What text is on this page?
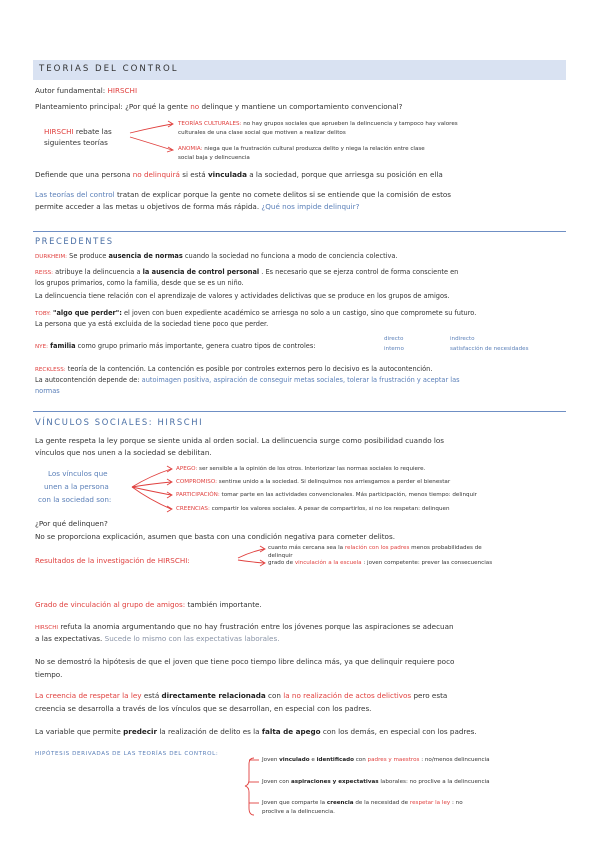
TEORIAS DEL CONTROL
Autor fundamental: HIRSCHI
Planteamiento principal: ¿Por qué la gente no delinque y mantiene un comportamiento convencional?
HIRSCHI rebate las
siguientes teorías
TEORÍAS CULTURALES: no hay grupos sociales que aprueben la delincuencia y tampoco hay valores
culturales de una clase social que motiven a realizar delitos
ANOMIA: niega que la frustración cultural produzca delito y niega la relación entre clase
social baja y delincuencia
Defiende que una persona no delinquirá si está vinculada a la sociedad, porque que arriesga su posición en ella
Las teorías del control tratan de explicar porque la gente no comete delitos si se entiende que la comisión de estos
permite acceder a las metas u objetivos de forma más rápida. ¿Qué nos impide delinquir?
PRECEDENTES
DURKHEIM: Se produce ausencia de normas cuando la sociedad no funciona a modo de conciencia colectiva.
REISS: atribuye la delincuencia a la ausencia de control personal . Es necesario que se ejerza control de forma consciente en
los grupos primarios, como la familia, desde que se es un niño.
La delincuencia tiene relación con el aprendizaje de valores y actividades delictivas que se produce en los grupos de amigos.
TOBY: "algo que perder": el joven con buen expediente académico se arriesga no solo a un castigo, sino que compromete su futuro.
La persona que ya está excluida de la sociedad tiene poco que perder.
NYE: familia como grupo primario más importante, genera cuatro tipos de controles:
directo	indirecto
interno	satisfacción de necesidades
RECKLESS: teoría de la contención. La contención es posible por controles externos pero lo decisivo es la autocontención.
La autocontención depende de: autoimagen positiva, aspiración de conseguir metas sociales, tolerar la frustración y aceptar las
normas
VÍNCULOS SOCIALES: HIRSCHI
La gente respeta la ley porque se siente unida al orden social. La delincuencia surge como posibilidad cuando los
vínculos que nos unen a la sociedad se debilitan.
Los vínculos que
unen a la persona
con la sociedad son:
APEGO: ser sensible a la opinión de los otros. Interiorizar las normas sociales lo requiere.
COMPROMISO: sentirse unido a la sociedad. Si delinquimos nos arriesgamos a perder el bienestar
PARTICIPACIÓN: tomar parte en las actividades convencionales. Más participación, menos tiempo: delinquir
CREENCIAS: compartir los valores sociales. A pesar de compartirlos, si no los respetan: delinquen
¿Por qué delinquen?
No se proporciona explicación, asumen que basta con una condición negativa para cometer delitos.
Resultados de la investigación de HIRSCHI:
cuanto más cercana sea la relación con los padres menos probabilidades de
delinquir
grado de vinculación a la escuela : joven competente: prever las consecuencias
Grado de vinculación al grupo de amigos: también importante.
HIRSCHI refuta la anomia argumentando que no hay frustración entre los jóvenes porque las aspiraciones se adecuan
a las expectativas. Sucede lo mismo con las expectativas laborales.
No se demostró la hipótesis de que el joven que tiene poco tiempo libre delinca más, ya que delinquir requiere poco
tiempo.
La creencia de respetar la ley está directamente relacionada con la no realización de actos delictivos pero esta
creencia se desarrolla a través de los vínculos que se desarrollan, en especial con los padres.
La variable que permite predecir la realización de delito es la falta de apego con los demás, en especial con los padres.
HIPÓTESIS DERIVADAS DE LAS TEORÍAS DEL CONTROL:
Joven vinculado e identificado con padres y maestros : no/menos delincuencia
Joven con aspiraciones y expectativas laborales: no proclive a la delincuencia
Joven que comparte la creencia de la necesidad de respetar la ley : no
proclive a la delincuencia.
